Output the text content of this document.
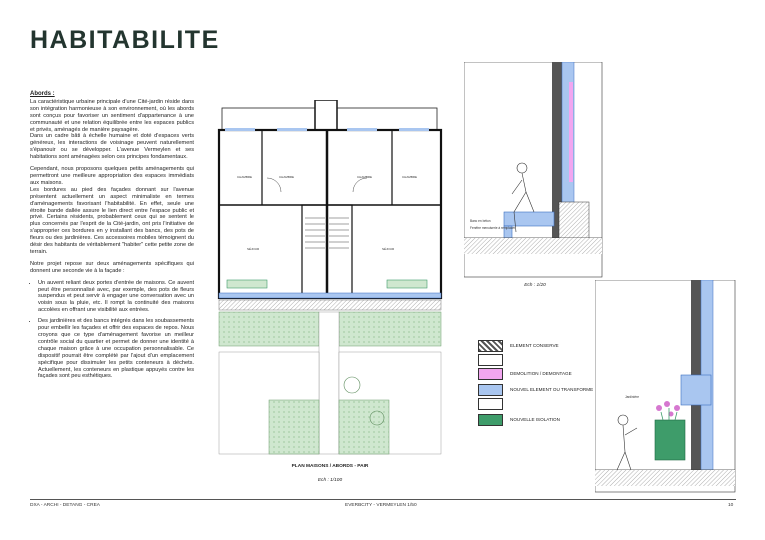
HABITABILITE
Abords :

La caractéristique urbaine principale d'une Cité-jardin réside dans son intégration harmonieuse à son environnement, où les abords sont conçus pour favoriser un sentiment d'appartenance à une communauté et une relation équilibrée entre les espaces publics et privés, aménagés de manière paysagère.
Dans un cadre bâti à échelle humaine et doté d'espaces verts généreux, les interactions de voisinage peuvent naturellement s'épanouir ou se développer. L'avenue Vermeylen et ses habitations sont aménagées selon ces principes fondamentaux.

Cependant, nous proposons quelques petits aménagements qui permettront une meilleure appropriation des espaces immédiats aux maisons.
Les bordures au pied des façades donnant sur l'avenue présentent actuellement un aspect minimaliste en termes d'aménagements favorisant l'habitabilité. En effet, seule une étroite bande dallée assure le lien direct entre l'espace public et privé. Certains résidents, probablement ceux qui se sentent le plus concernés par l'esprit de la Cité-jardin, ont pris l'initiative de s'approprier ces bordures en y installant des bancs, des pots de fleurs ou des jardinières. Ces accessoires mobiles témoignent du désir des habitants de véritablement "habiter" cette petite zone de terrain.

Notre projet repose sur deux aménagements spécifiques qui donnent une seconde vie à la façade :

• Un auvent reliant deux portes d'entrée de maisons. Ce auvent peut être personnalisé avec, par exemple, des pots de fleurs suspendus et peut servir à engager une conversation avec un voisin sous la pluie, etc. Il rompt la continuité des maisons accolées en offrant une visibilité aux entrées.
• Des jardinières et des bancs intégrés dans les soubassements pour embellir les façades et offrir des espaces de repos. Nous croyons que ce type d'aménagement favorise un meilleur contrôle social du quartier et permet de donner une identité à chaque maison grâce à une occupation personnalisable. Ce dispositif pourrait être complété par l'ajout d'un emplacement spécifique pour dissimuler les petits conteneurs à déchets. Actuellement, les conteneurs en plastique appuyés contre les façades sont peu esthétiques.
CHAMBRE
CHAMBRE	CHAMBRE	CHAMBRE
SÉJOUR	SÉJOUR
PLAN MAISONS / ABORDS - PAIR
Ech : 1/100
Banc en béton
Fenêtre menuiserie à remplacer
Ech : 1/20
Jardinière
ELEMENT CONSERVE
DEMOLITION / DEMONTAGE
NOUVEL ELEMENT OU TRANSFORME
NOUVELLE ISOLATION
DXA - ARCHI - DETANG - CREA	EVERBCITY - VERMEYLEN 1/50	10
